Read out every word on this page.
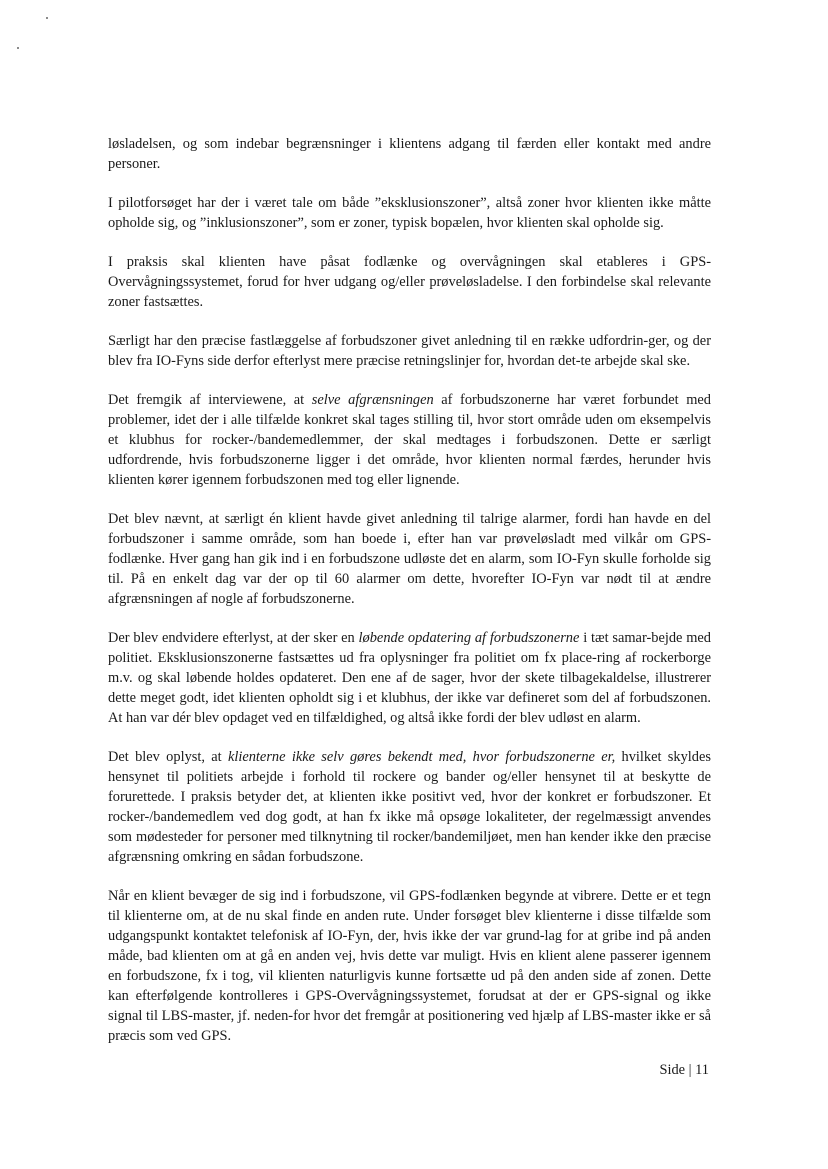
løsladelsen, og som indebar begrænsninger i klientens adgang til færden eller kontakt med andre personer.

I pilotforsøget har der i været tale om både ”eksklusionszoner”, altså zoner hvor klienten ikke måtte opholde sig, og ”inklusionszoner”, som er zoner, typisk bopælen, hvor klienten skal opholde sig.

I praksis skal klienten have påsat fodlænke og overvågningen skal etableres i GPS-Overvågningssystemet, forud for hver udgang og/eller prøveløsladelse. I den forbindelse skal relevante zoner fastsættes.

Særligt har den præcise fastlæggelse af forbudszoner givet anledning til en række udfordrin-ger, og der blev fra IO-Fyns side derfor efterlyst mere præcise retningslinjer for, hvordan det-te arbejde skal ske.

Det fremgik af interviewene, at selve afgrænsningen af forbudszonerne har været forbundet med problemer, idet der i alle tilfælde konkret skal tages stilling til, hvor stort område uden om eksempelvis et klubhus for rocker-/bandemedlemmer, der skal medtages i forbudszonen. Dette er særligt udfordrende, hvis forbudszonerne ligger i det område, hvor klienten normal færdes, herunder hvis klienten kører igennem forbudszonen med tog eller lignende.

Det blev nævnt, at særligt én klient havde givet anledning til talrige alarmer, fordi han havde en del forbudszoner i samme område, som han boede i, efter han var prøveløsladt med vilkår om GPS-fodlænke. Hver gang han gik ind i en forbudszone udløste det en alarm, som IO-Fyn skulle forholde sig til. På en enkelt dag var der op til 60 alarmer om dette, hvorefter IO-Fyn var nødt til at ændre afgrænsningen af nogle af forbudszonerne.

Der blev endvidere efterlyst, at der sker en løbende opdatering af forbudszonerne i tæt samar-bejde med politiet. Eksklusionszonerne fastsættes ud fra oplysninger fra politiet om fx place-ring af rockerborge m.v. og skal løbende holdes opdateret. Den ene af de sager, hvor der skete tilbagekaldelse, illustrerer dette meget godt, idet klienten opholdt sig i et klubhus, der ikke var defineret som del af forbudszonen. At han var dér blev opdaget ved en tilfældighed, og altså ikke fordi der blev udløst en alarm.

Det blev oplyst, at klienterne ikke selv gøres bekendt med, hvor forbudszonerne er, hvilket skyldes hensynet til politiets arbejde i forhold til rockere og bander og/eller hensynet til at beskytte de forurettede. I praksis betyder det, at klienten ikke positivt ved, hvor der konkret er forbudszoner. Et rocker-/bandemedlem ved dog godt, at han fx ikke må opsøge lokaliteter, der regelmæssigt anvendes som mødesteder for personer med tilknytning til rocker/bandemiljøet, men han kender ikke den præcise afgrænsning omkring en sådan forbudszone.

Når en klient bevæger de sig ind i forbudszone, vil GPS-fodlænken begynde at vibrere. Dette er et tegn til klienterne om, at de nu skal finde en anden rute. Under forsøget blev klienterne i disse tilfælde som udgangspunkt kontaktet telefonisk af IO-Fyn, der, hvis ikke der var grund-lag for at gribe ind på anden måde, bad klienten om at gå en anden vej, hvis dette var muligt. Hvis en klient alene passerer igennem en forbudszone, fx i tog, vil klienten naturligvis kunne fortsætte ud på den anden side af zonen. Dette kan efterfølgende kontrolleres i GPS-Overvågningssystemet, forudsat at der er GPS-signal og ikke signal til LBS-master, jf. neden-for hvor det fremgår at positionering ved hjælp af LBS-master ikke er så præcis som ved GPS.

Side | 11
